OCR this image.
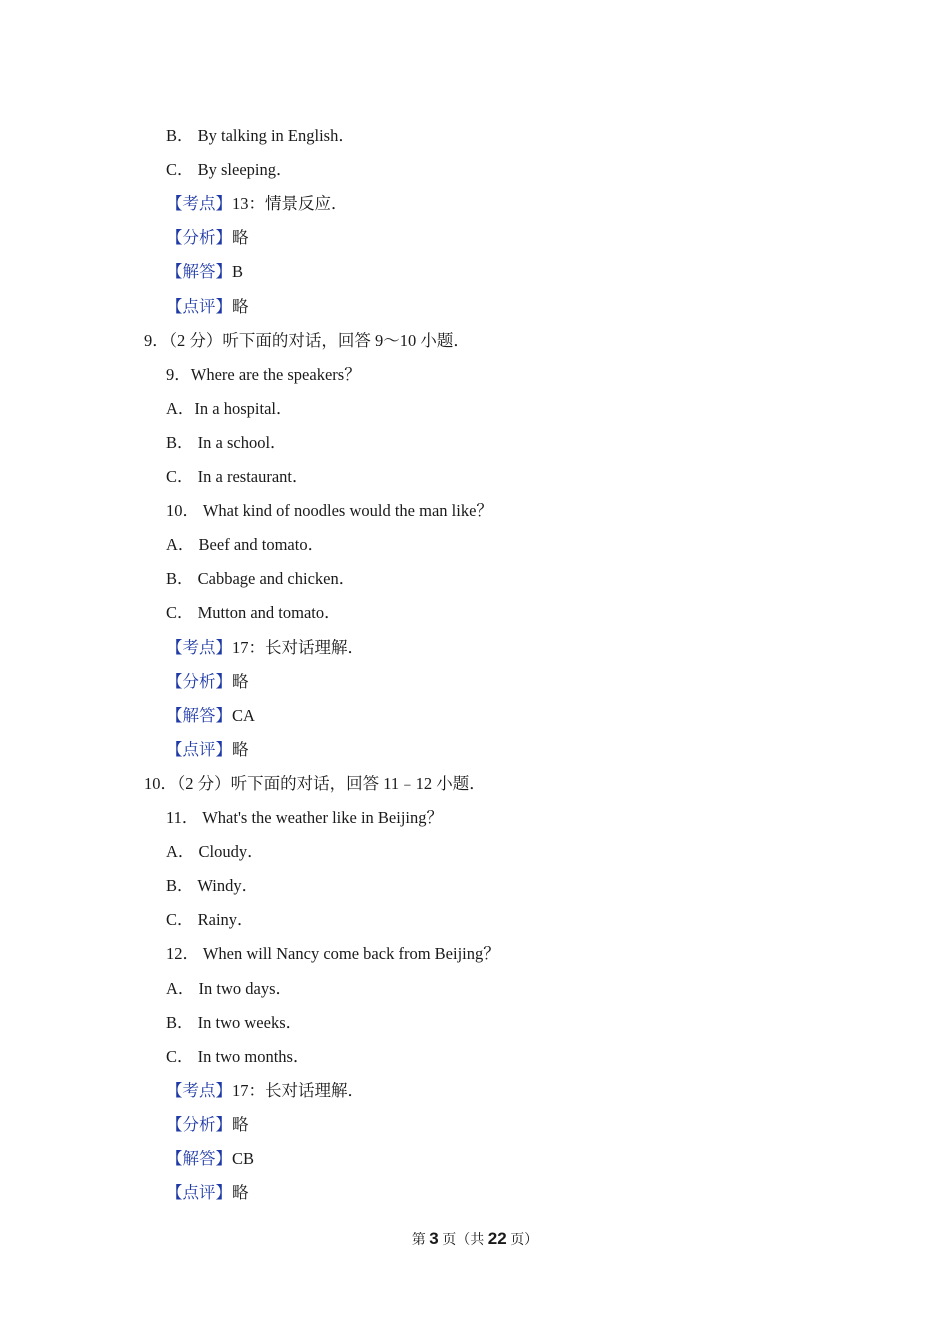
B． By talking in English．
C． By sleeping．
【考点】13：情景反应．
【分析】略
【解答】B
【点评】略
9．（2 分）听下面的对话，回答 9～10 小题．
9．Where are the speakers？
A．In a hospital．
B． In a school．
C． In a restaurant．
10． What kind of noodles would the man like？
A． Beef and tomato．
B． Cabbage and chicken．
C． Mutton and tomato．
【考点】17：长对话理解．
【分析】略
【解答】CA
【点评】略
10．（2 分）听下面的对话，回答 11﹣12 小题．
11． What's the weather like in Beijing？
A． Cloudy．
B． Windy．
C． Rainy．
12． When will Nancy come back from Beijing？
A． In two days．
B． In two weeks．
C． In two months．
【考点】17：长对话理解．
【分析】略
【解答】CB
【点评】略
第 3 页（共 22 页）
